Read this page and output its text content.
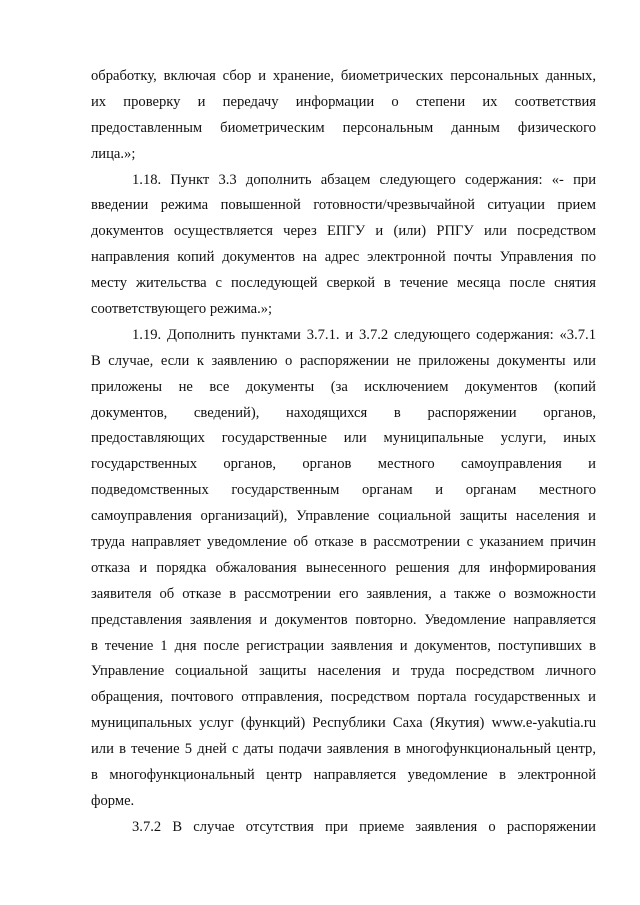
обработку, включая сбор и хранение, биометрических персональных данных,
их проверку и передачу информации о степени их соответствия
предоставленным биометрическим персональным данным физического
лица.»;
1.18. Пункт 3.3 дополнить абзацем следующего содержания: «- при
введении режима повышенной готовности/чрезвычайной ситуации прием
документов осуществляется через ЕПГУ и (или) РПГУ или посредством
направления копий документов на адрес электронной почты Управления по
месту жительства с последующей сверкой в течение месяца после снятия
соответствующего режима.»;
1.19. Дополнить пунктами 3.7.1. и 3.7.2 следующего содержания: «3.7.1
В случае, если к заявлению о распоряжении не приложены документы или
приложены не все документы (за исключением документов (копий
документов, сведений), находящихся в распоряжении органов,
предоставляющих государственные или муниципальные услуги, иных
государственных органов, органов местного самоуправления и
подведомственных государственным органам и органам местного
самоуправления организаций), Управление социальной защиты населения и
труда направляет уведомление об отказе в рассмотрении с указанием причин
отказа и порядка обжалования вынесенного решения для информирования
заявителя об отказе в рассмотрении его заявления, а также о возможности
представления заявления и документов повторно. Уведомление направляется
в течение 1 дня после регистрации заявления и документов, поступивших в
Управление социальной защиты населения и труда посредством личного
обращения, почтового отправления, посредством портала государственных и
муниципальных услуг (функций) Республики Саха (Якутия) www.e-yakutia.ru
или в течение 5 дней с даты подачи заявления в многофункциональный центр,
в многофункциональный центр направляется уведомление в электронной
форме.
3.7.2 В случае отсутствия при приеме заявления о распоряжении
